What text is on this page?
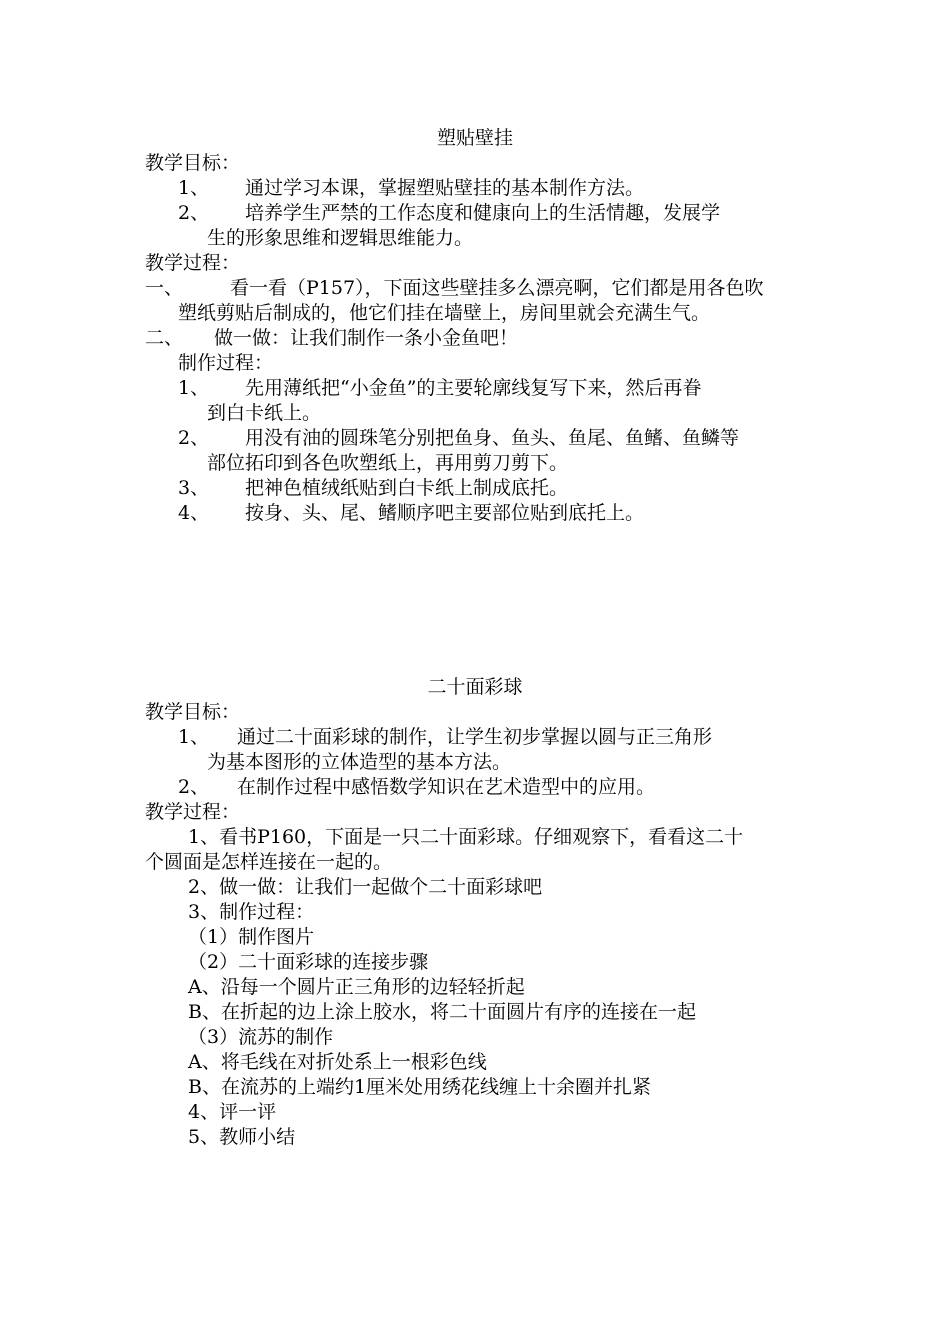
塑贴壁挂
教学目标：
1、 通过学习本课，掌握塑贴壁挂的基本制作方法。
2、 培养学生严禁的工作态度和健康向上的生活情趣，发展学
生的形象思维和逻辑思维能力。
教学过程：
一、 看一看（P157），下面这些壁挂多么漂亮啊，它们都是用各色吹
塑纸剪贴后制成的，他它们挂在墙壁上，房间里就会充满生气。
二、 做一做：让我们制作一条小金鱼吧！
制作过程：
1、 先用薄纸把“小金鱼”的主要轮廓线复写下来，然后再眷
到白卡纸上。
2、 用没有油的圆珠笔分别把鱼身、鱼头、鱼尾、鱼鳍、鱼鳞等
部位拓印到各色吹塑纸上，再用剪刀剪下。
3、 把神色植绒纸贴到白卡纸上制成底托。
4、 按身、头、尾、鳍顺序吧主要部位贴到底托上。
二十面彩球
教学目标：
1、 通过二十面彩球的制作，让学生初步掌握以圆与正三角形
为基本图形的立体造型的基本方法。
2、 在制作过程中感悟数学知识在艺术造型中的应用。
教学过程：
1、看书P160，下面是一只二十面彩球。仔细观察下，看看这二十
个圆面是怎样连接在一起的。
2、做一做：让我们一起做个二十面彩球吧
3、制作过程：
（1）制作图片
（2）二十面彩球的连接步骤
A、沿每一个圆片正三角形的边轻轻折起
B、在折起的边上涂上胶水，将二十面圆片有序的连接在一起
（3）流苏的制作
A、将毛线在对折处系上一根彩色线
B、在流苏的上端约1厘米处用绣花线缠上十余圈并扎紧
4、评一评
5、教师小结
